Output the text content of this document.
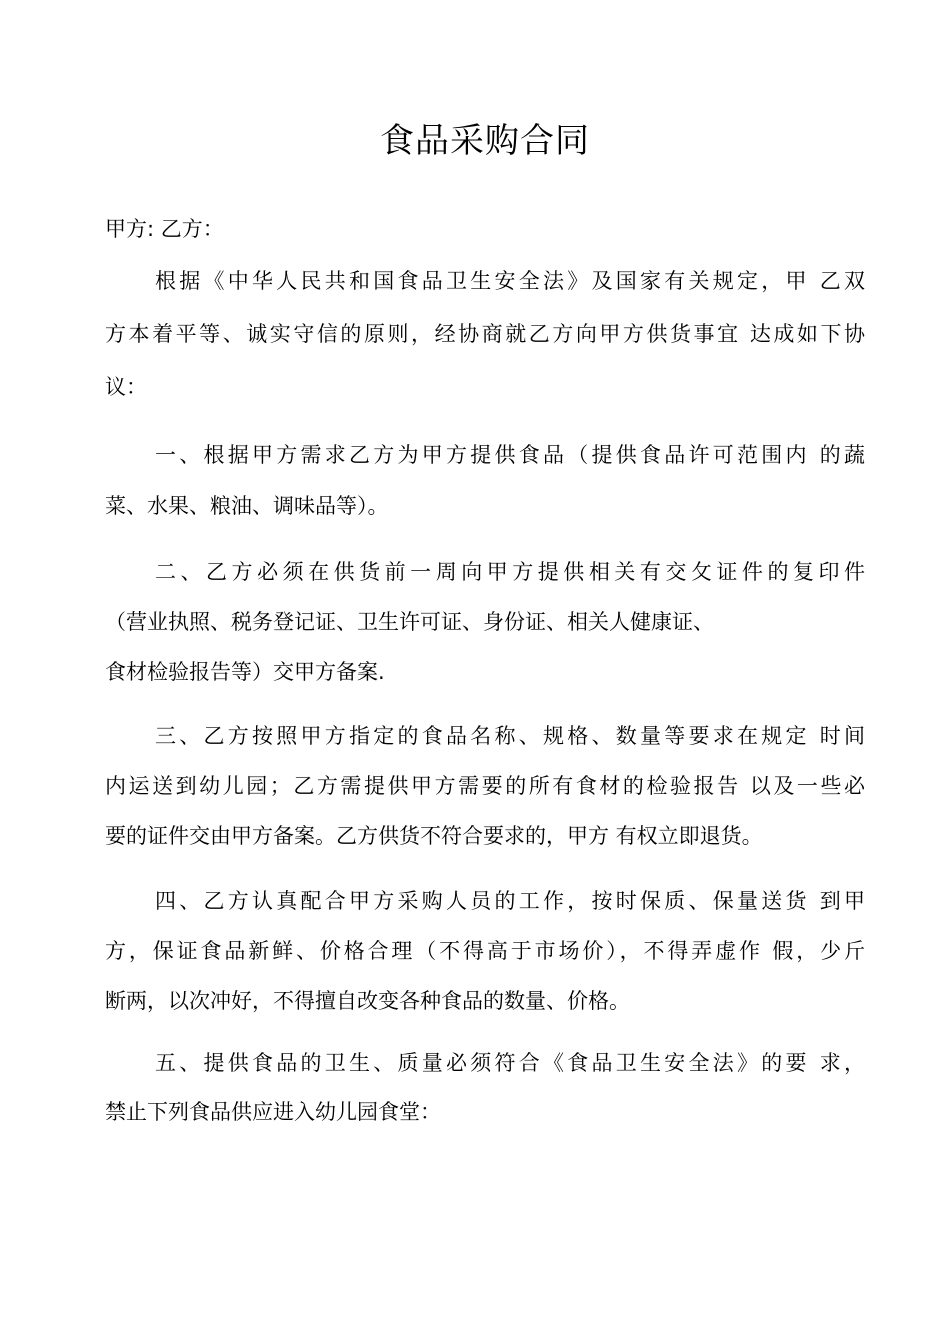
食品采购合同
甲方: 乙方：
根据《中华人民共和国食品卫生安全法》及国家有关规定，甲 乙双
方本着平等、诚实守信的原则，经协商就乙方向甲方供货事宜 达成如下协
议：
一、根据甲方需求乙方为甲方提供食品（提供食品许可范围内 的蔬
菜、水果、粮油、调味品等）。
二、乙方必须在供货前一周向甲方提供相关有交攵证件的复印件
（营业执照、税务登记证、卫生许可证、身份证、相关人健康证、
食材检验报告等）交甲方备案.
三、乙方按照甲方指定的食品名称、规格、数量等要求在规定 时间
内运送到幼儿园；乙方需提供甲方需要的所有食材的检验报告 以及一些必
要的证件交由甲方备案。乙方供货不符合要求的，甲方 有权立即退货。
四、乙方认真配合甲方采购人员的工作，按时保质、保量送货 到甲
方，保证食品新鲜、价格合理（不得高于市场价），不得弄虚作 假，少斤
断两，以次冲好，不得擅自改变各种食品的数量、价格。
五、提供食品的卫生、质量必须符合《食品卫生安全法》的要 求，
禁止下列食品供应进入幼儿园食堂：
